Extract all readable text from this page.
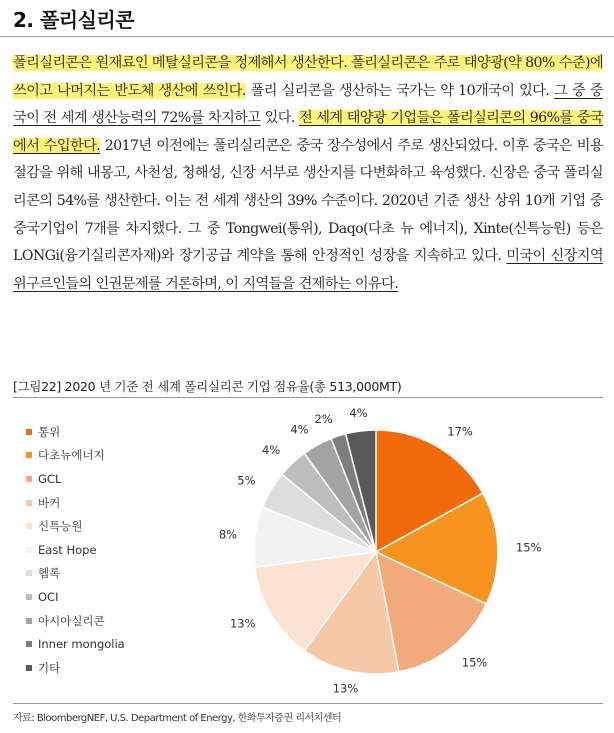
2. 폴리실리콘

폴리실리콘은 원재료인 메탈실리콘을 정제해서 생산한다. 폴리실리콘은 주로 태양광(약 80% 수준)에 쓰이고 나머지는 반도체 생산에 쓰인다. 폴리 실리콘을 생산하는 국가는 약 10개국이 있다. 그 중 중국이 전 세계 생산능력의 72%를 차지하고 있다. 전 세계 태양광 기업들은 폴리실리콘의 96%를 중국에서 수입한다. 2017년 이전에는 폴리실리콘은 중국 장수성에서 주로 생산되었다. 이후 중국은 비용절감을 위해 내몽고, 사천성, 청해성, 신장 서부로 생산지를 다변화하고 육성했다. 신장은 중국 폴리실리콘의 54%를 생산한다. 이는 전 세계 생산의 39% 수준이다. 2020년 기준 생산 상위 10개 기업 중 중국기업이 7개를 차지했다. 그 중 Tongwei(통위), Daqo(다초 뉴 에너지), Xinte(신특능원) 등은 LONGi(융기실리콘자재)와 장기공급 계약을 통해 안정적인 성장을 지속하고 있다. 미국이 신장지역 위구르인들의 인권문제를 거론하며, 이 지역들을 견제하는 이유다.

[그림22] 2020 년 기준 전 세계 폴리실리콘 기업 점유율(총 513,000MT)
통위
다초뉴에너지
GCL
바커
신특능원
East Hope
헴록
OCI
아시아실리콘
Inner mongolia
기타
17%
15%
15%
13%
13%
8%
5%
4%
4%
2% 4%
자료: BloombergNEF, U.S. Department of Energy, 한화투자증권 리서치센터
